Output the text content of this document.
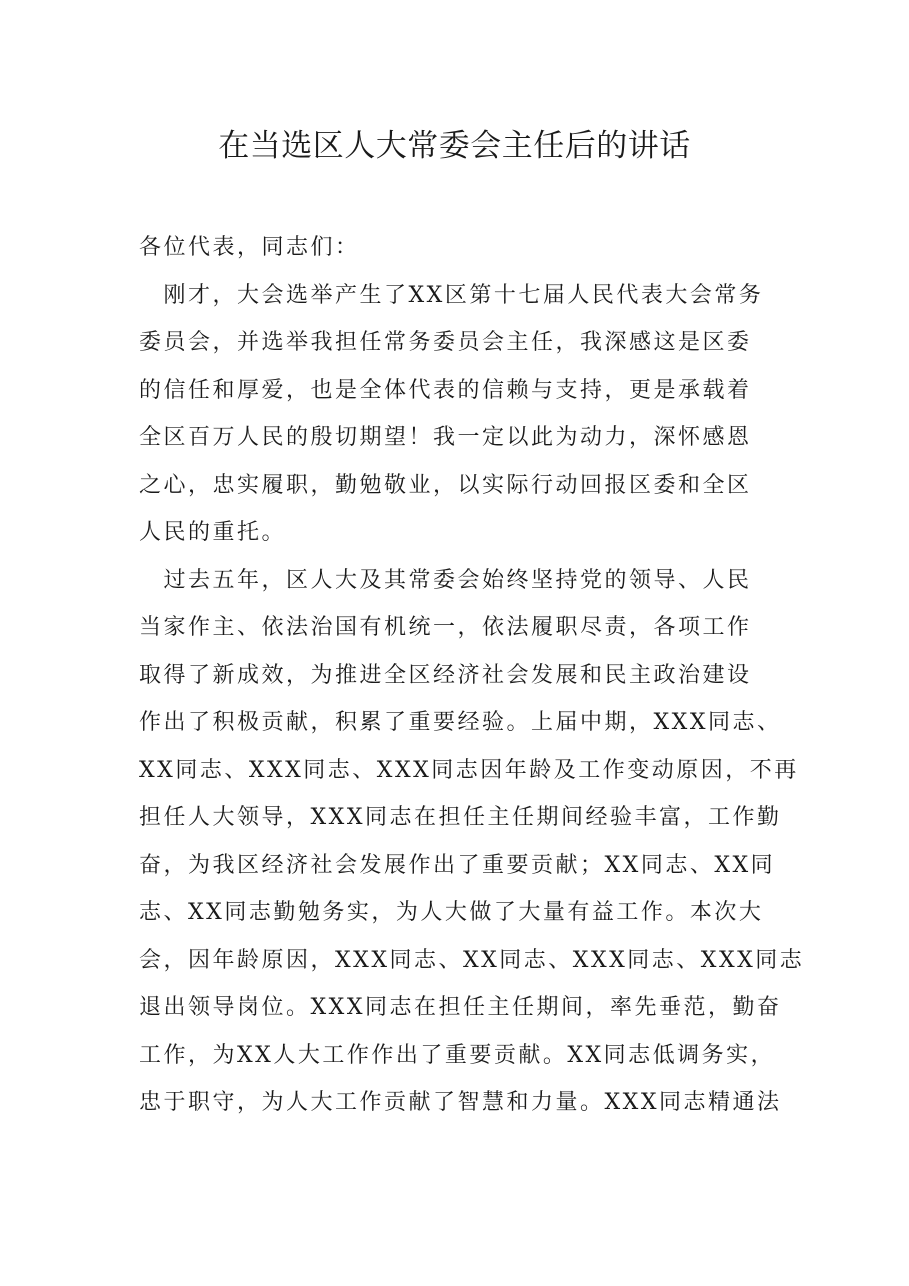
在当选区人大常委会主任后的讲话
各位代表，同志们：
　刚才，大会选举产生了XX区第十七届人民代表大会常务
委员会，并选举我担任常务委员会主任，我深感这是区委
的信任和厚爱，也是全体代表的信赖与支持，更是承载着
全区百万人民的殷切期望！我一定以此为动力，深怀感恩
之心，忠实履职，勤勉敬业，以实际行动回报区委和全区
人民的重托。
　过去五年，区人大及其常委会始终坚持党的领导、人民
当家作主、依法治国有机统一，依法履职尽责，各项工作
取得了新成效，为推进全区经济社会发展和民主政治建设
作出了积极贡献，积累了重要经验。上届中期，XXX同志、
XX同志、XXX同志、XXX同志因年龄及工作变动原因，不再
担任人大领导，XXX同志在担任主任期间经验丰富，工作勤
奋，为我区经济社会发展作出了重要贡献；XX同志、XX同
志、XX同志勤勉务实，为人大做了大量有益工作。本次大
会，因年龄原因，XXX同志、XX同志、XXX同志、XXX同志
退出领导岗位。XXX同志在担任主任期间，率先垂范，勤奋
工作，为XX人大工作作出了重要贡献。XX同志低调务实，
忠于职守，为人大工作贡献了智慧和力量。XXX同志精通法
